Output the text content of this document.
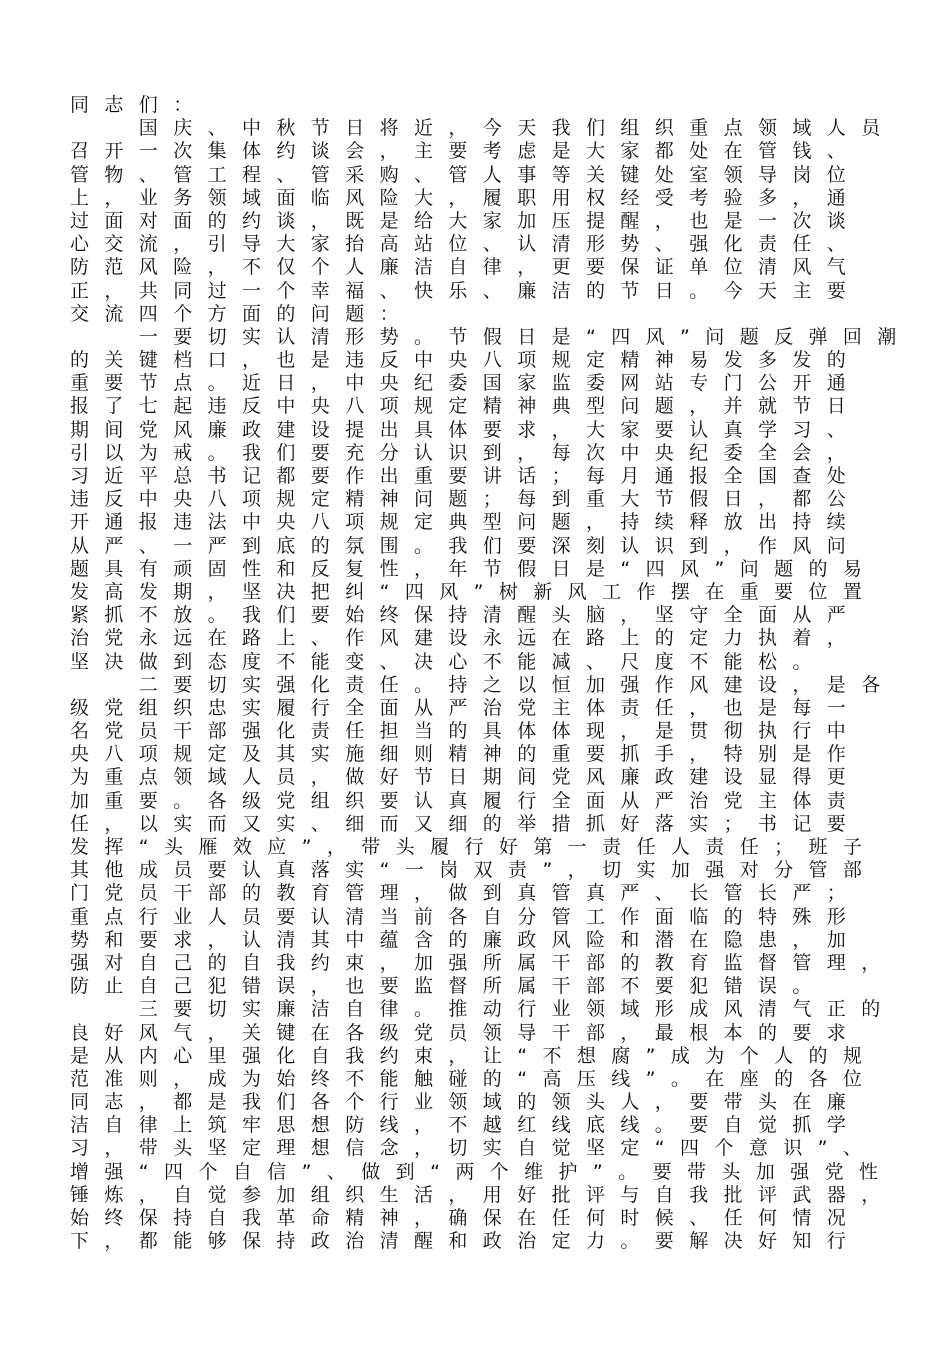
同志们：
　　国庆、中秋节日将近，今天我们组织重点领域人员
召开一次集体约谈会，主要考虑是大家都处在管钱、
管物、管工程、管采购、管人事等关键处室领导岗位
上，业务领域面临风险大，履职用权经受考验多，通
过面对面的约谈，既是给大家加压提醒，也是一次谈
心交流，引导大家抬高站位、认清形势、强化责任、
防范风险，不仅个人廉洁自律，更要保证单位清风气
正，共同过一个幸福、快乐、廉洁的节日。今天主要
交流四个方面的问题：
　　一要切实认清形势。节假日是“四风”问题反弹回潮
的关键档口，也是违反中央八项规定精神易发多发的
重要节点。近日，中央纪委国家监委网站专门公开通
报了七起违反中央八项规定精神典型问题，并就节日
期间党风廉政建设提出具体要求，大家要认真学习、
引以为戒。我们要充分认识到，每次中央纪委全会，
习近平总书记都要作出重要讲话；每月通报全国查处
违反中央八项规定精神问题；每到重大节假日，都公
开通报违法中央八项规定典型问题，持续释放出持续
从严、一严到底的氛围。我们要深刻认识到，作风问
题具有顽固性和反复性，年节假日是“四风”问题的易
发高发期，坚决把纠“四风”树新风工作摆在重要位置
紧抓不放。我们要始终保持清醒头脑，坚守全面从严
治党永远在路上、作风建设永远在路上的定力执着，
坚决做到态度不能变、决心不能减、尺度不能松。
　　二要切实强化责任。持之以恒加强作风建设，是各
级党组织忠实履行全面从严治党主体责任，也是每一
名党员干部强化责任担当的具体体现，是贯彻执行中
央八项规定及其实施细则精神的重要抓手，特别是作
为重点领域人员，做好节日期间党风廉政建设显得更
加重要。各级党组织要认真履行全面从严治党主体责
任，以实而又实、细而又细的举措抓好落实；书记要
发挥“头雁效应”，带头履行好第一责任人责任；班子
其他成员要认真落实“一岗双责”，切实加强对分管部
门党员干部的教育管理，做到真管真严、长管长严；
重点行业人员要认清当前各自分管工作面临的特殊形
势和要求，认清其中蕴含的廉政风险和潜在隐患，加
强对自己的自我约束，加强所属干部的教育监督管理，
防止自己犯错误，也要监督所属干部不要犯错误。
　　三要切实廉洁自律。推动行业领域形成风清气正的
良好风气，关键在各级党员领导干部，最根本的要求
是从内心里强化自我约束，让“不想腐”成为个人的规
范准则，成为始终不能触碰的“高压线”。在座的各位
同志，都是我们各个行业领域的领头人，要带头在廉
洁自律上筑牢思想防线，不越红线底线。要自觉抓学
习，带头坚定理想信念，切实自觉坚定“四个意识”、
增强“四个自信”、做到“两个维护”。要带头加强党性
锤炼，自觉参加组织生活，用好批评与自我批评武器，
始终保持自我革命精神，确保在任何时候、任何情况
下，都能够保持政治清醒和政治定力。要解决好知行
